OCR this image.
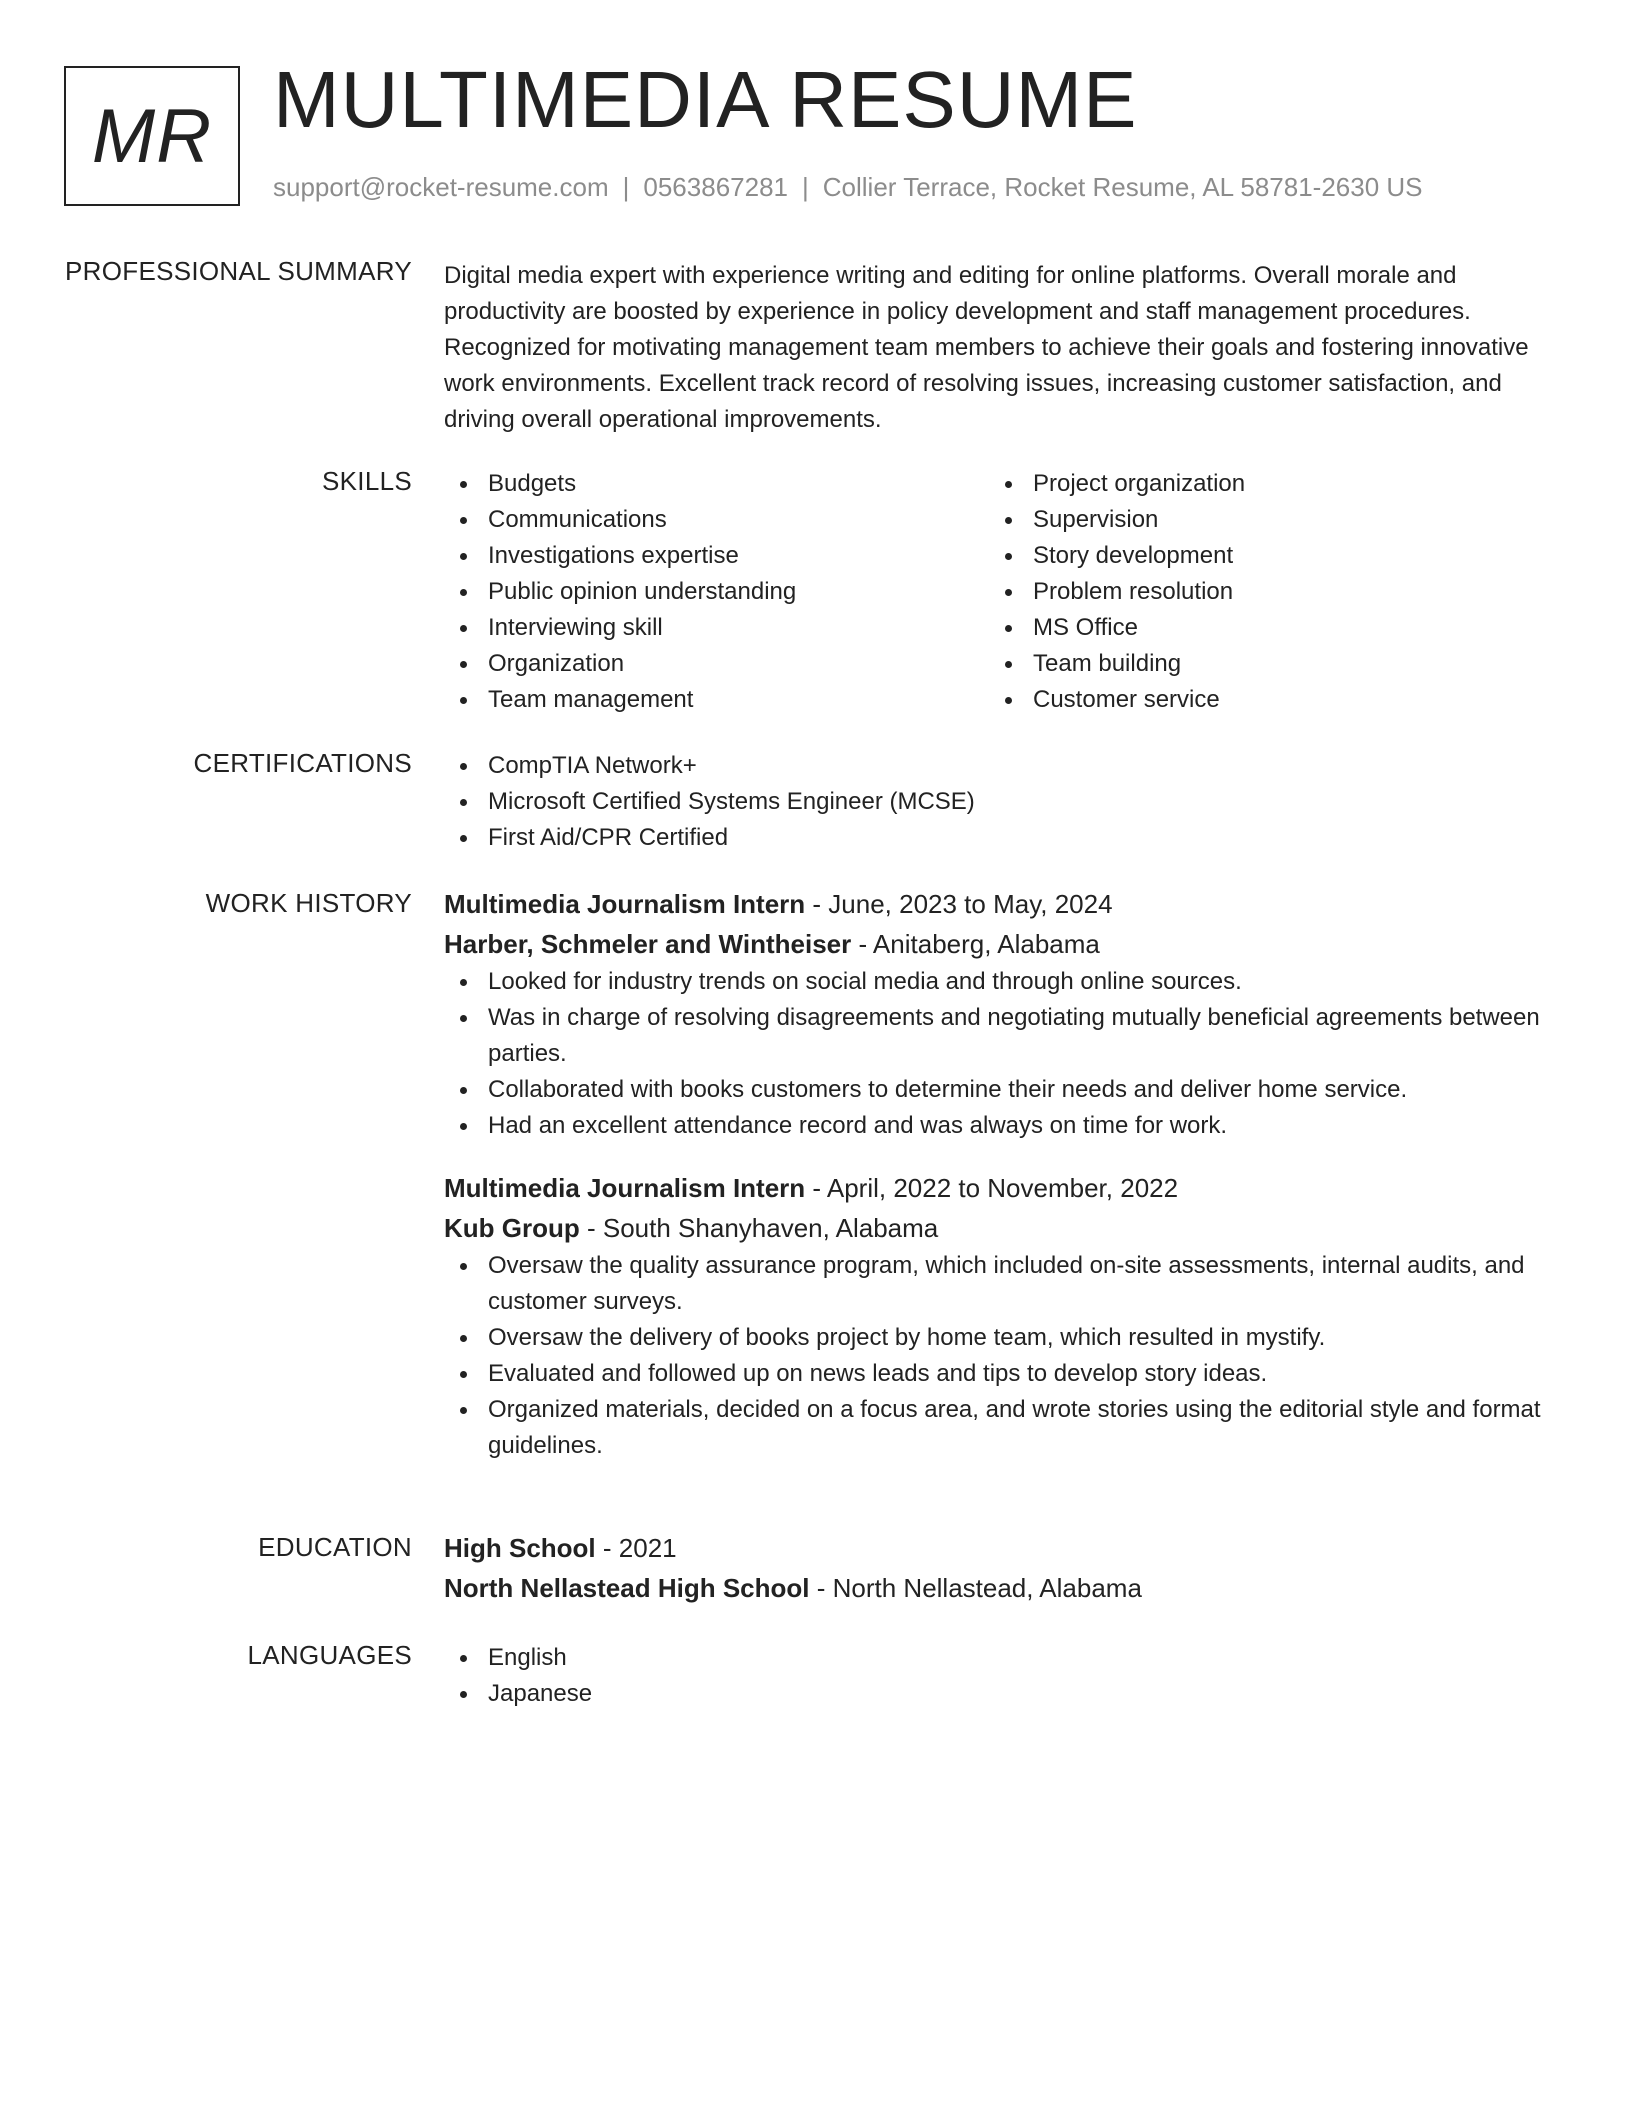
MR MULTIMEDIA RESUME
support@rocket-resume.com | 0563867281 | Collier Terrace, Rocket Resume, AL 58781-2630 US
PROFESSIONAL SUMMARY Digital media expert with experience writing and editing for online platforms. Overall morale and productivity are boosted by experience in policy development and staff management procedures. Recognized for motivating management team members to achieve their goals and fostering innovative work environments. Excellent track record of resolving issues, increasing customer satisfaction, and driving overall operational improvements.
SKILLS	Budgets
Communications
Investigations expertise
Public opinion understanding
Interviewing skill
Organization
Team management
Project organization
Supervision
Story development
Problem resolution
MS Office
Team building
Customer service
CERTIFICATIONS	CompTIA Network+
Microsoft Certified Systems Engineer (MCSE)
First Aid/CPR Certified
WORK HISTORY Multimedia Journalism Intern - June, 2023 to May, 2024
Harber, Schmeler and Wintheiser - Anitaberg, Alabama
Looked for industry trends on social media and through online sources.
Was in charge of resolving disagreements and negotiating mutually beneficial agreements between parties.
Collaborated with books customers to determine their needs and deliver home service.
Had an excellent attendance record and was always on time for work.
Multimedia Journalism Intern - April, 2022 to November, 2022
Kub Group - South Shanyhaven, Alabama
Oversaw the quality assurance program, which included on-site assessments, internal audits, and customer surveys.
Oversaw the delivery of books project by home team, which resulted in mystify.
Evaluated and followed up on news leads and tips to develop story ideas.
Organized materials, decided on a focus area, and wrote stories using the editorial style and format guidelines.
EDUCATION High School - 2021
North Nellastead High School - North Nellastead, Alabama
LANGUAGES	English
Japanese
